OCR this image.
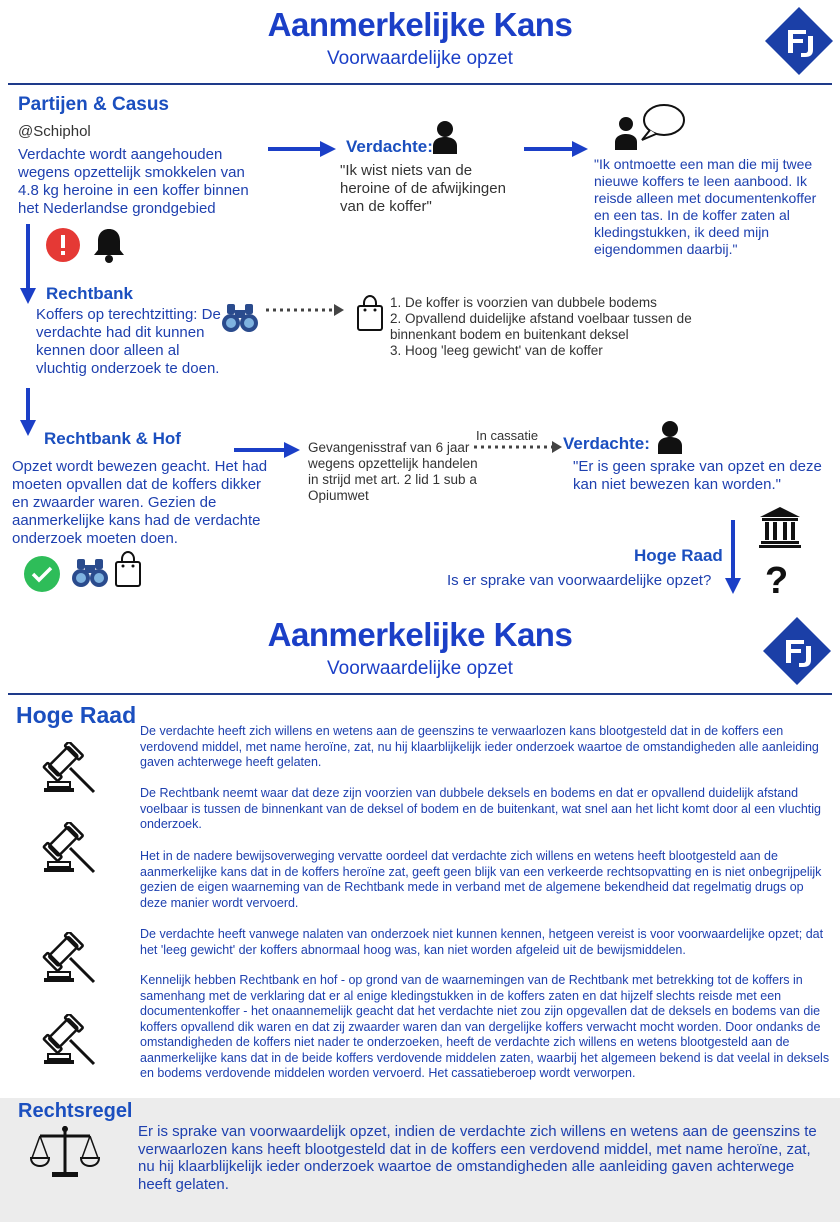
Aanmerkelijke Kans
Voorwaardelijke opzet
Partijen & Casus
@Schiphol
Verdachte wordt aangehouden wegens opzettelijk smokkelen van 4.8 kg heroine in een koffer binnen het Nederlandse grondgebied
Verdachte:
"Ik wist niets van de heroine of de afwijkingen van de koffer"
"Ik ontmoette een man die mij twee nieuwe koffers te leen aanbood. Ik reisde alleen met documentenkoffer en een tas. In de koffer zaten al kledingstukken, ik deed mijn eigendommen daarbij."
Rechtbank
Koffers op terechtzitting: De verdachte had dit kunnen kennen door alleen al vluchtig onderzoek te doen.
1. De koffer is voorzien van dubbele bodems
2. Opvallend duidelijke afstand voelbaar tussen de binnenkant bodem en buitenkant deksel
3. Hoog 'leeg gewicht' van de koffer
Rechtbank & Hof
Opzet wordt bewezen geacht. Het had moeten opvallen dat de koffers dikker en zwaarder waren. Gezien de aanmerkelijke kans had de verdachte onderzoek moeten doen.
Gevangenisstraf van 6 jaar wegens opzettelijk handelen in strijd met art. 2 lid 1 sub a Opiumwet
In cassatie Verdachte:
"Er is geen sprake van opzet en deze kan niet bewezen kan worden."
Hoge Raad
Is er sprake van voorwaardelijke opzet? ?
Aanmerkelijke Kans
Voorwaardelijke opzet
Hoge Raad
De verdachte heeft zich willens en wetens aan de geenszins te verwaarlozen kans blootgesteld dat in de koffers een verdovend middel, met name heroïne, zat, nu hij klaarblijkelijk ieder onderzoek waartoe de omstandigheden alle aanleiding gaven achterwege heeft gelaten.
De Rechtbank neemt waar dat deze zijn voorzien van dubbele deksels en bodems en dat er opvallend duidelijk afstand voelbaar is tussen de binnenkant van de deksel of bodem en de buitenkant, wat snel aan het licht komt door al een vluchtig onderzoek.
Het in de nadere bewijsoverweging vervatte oordeel dat verdachte zich willens en wetens heeft blootgesteld aan de aanmerkelijke kans dat in de koffers heroïne zat, geeft geen blijk van een verkeerde rechtsopvatting en is niet onbegrijpelijk gezien de eigen waarneming van de Rechtbank mede in verband met de algemene bekendheid dat regelmatig drugs op deze manier wordt vervoerd.
De verdachte heeft vanwege nalaten van onderzoek niet kunnen kennen, hetgeen vereist is voor voorwaardelijke opzet; dat het 'leeg gewicht' der koffers abnormaal hoog was, kan niet worden afgeleid uit de bewijsmiddelen.
Kennelijk hebben Rechtbank en hof - op grond van de waarnemingen van de Rechtbank met betrekking tot de koffers in samenhang met de verklaring dat er al enige kledingstukken in de koffers zaten en dat hijzelf slechts reisde met een documentenkoffer - het onaannemelijk geacht dat het verdachte niet zou zijn opgevallen dat de deksels en bodems van die koffers opvallend dik waren en dat zij zwaarder waren dan van dergelijke koffers verwacht mocht worden. Door ondanks de omstandigheden de koffers niet nader te onderzoeken, heeft de verdachte zich willens en wetens blootgesteld aan de aanmerkelijke kans dat in de beide koffers verdovende middelen zaten, waarbij het algemeen bekend is dat veelal in deksels en bodems verdovende middelen worden vervoerd. Het cassatieberoep wordt verworpen.
Rechtsregel
Er is sprake van voorwaardelijk opzet, indien de verdachte zich willens en wetens aan de geenszins te verwaarlozen kans heeft blootgesteld dat in de koffers een verdovend middel, met name heroïne, zat, nu hij klaarblijkelijk ieder onderzoek waartoe de omstandigheden alle aanleiding gaven achterwege heeft gelaten.
